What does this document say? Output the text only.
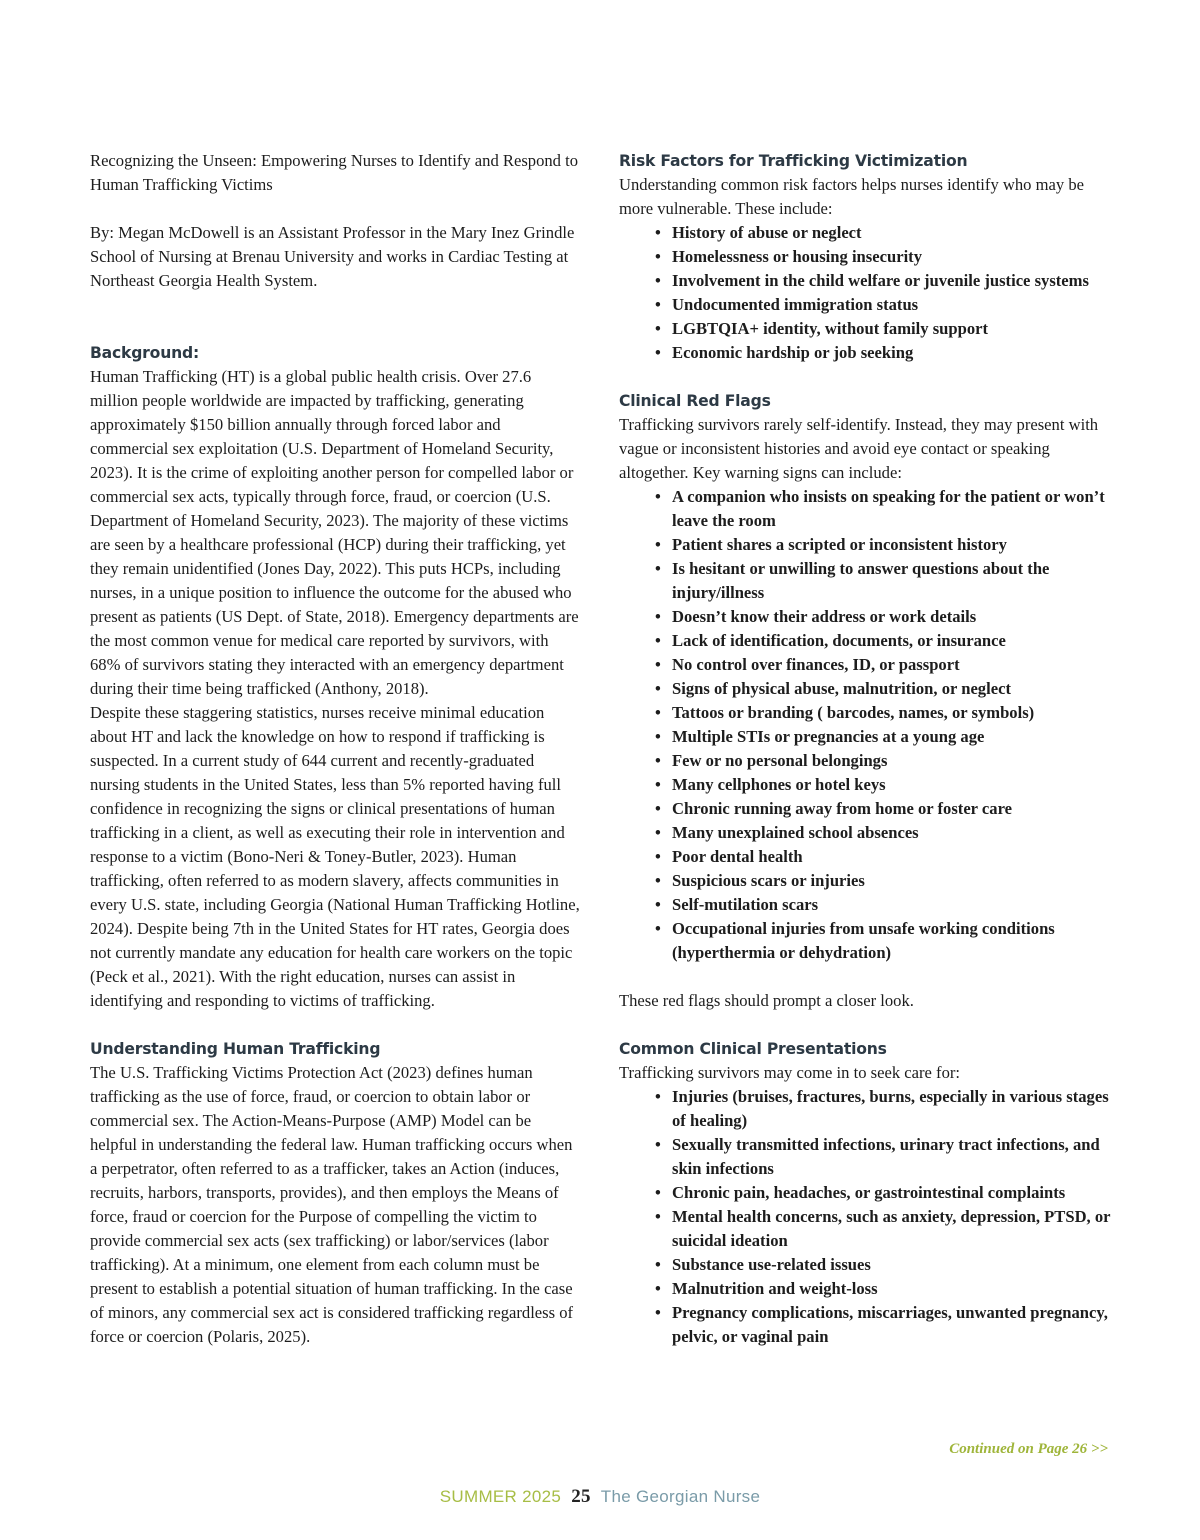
Recognizing the Unseen: Empowering Nurses to Identify and Respond to Human Trafficking Victims

By: Megan McDowell is an Assistant Professor in the Mary Inez Grindle School of Nursing at Brenau University and works in Cardiac Testing at Northeast Georgia Health System.

Background:

Human Trafficking (HT) is a global public health crisis. Over 27.6 million people worldwide are impacted by trafficking, generating approximately $150 billion annually through forced labor and commercial sex exploitation (U.S. Department of Homeland Security, 2023). It is the crime of exploiting another person for compelled labor or commercial sex acts, typically through force, fraud, or coercion (U.S. Department of Homeland Security, 2023). The majority of these victims are seen by a healthcare professional (HCP) during their trafficking, yet they remain unidentified (Jones Day, 2022). This puts HCPs, including nurses, in a unique position to influence the outcome for the abused who present as patients (US Dept. of State, 2018). Emergency departments are the most common venue for medical care reported by survivors, with 68% of survivors stating they interacted with an emergency department during their time being trafficked (Anthony, 2018).

Despite these staggering statistics, nurses receive minimal education about HT and lack the knowledge on how to respond if trafficking is suspected. In a current study of 644 current and recently-graduated nursing students in the United States, less than 5% reported having full confidence in recognizing the signs or clinical presentations of human trafficking in a client, as well as executing their role in intervention and response to a victim (Bono-Neri & Toney-Butler, 2023). Human trafficking, often referred to as modern slavery, affects communities in every U.S. state, including Georgia (National Human Trafficking Hotline, 2024). Despite being 7th in the United States for HT rates, Georgia does not currently mandate any education for health care workers on the topic (Peck et al., 2021). With the right education, nurses can assist in identifying and responding to victims of trafficking.

Understanding Human Trafficking

The U.S. Trafficking Victims Protection Act (2023) defines human trafficking as the use of force, fraud, or coercion to obtain labor or commercial sex. The Action-Means-Purpose (AMP) Model can be helpful in understanding the federal law. Human trafficking occurs when a perpetrator, often referred to as a trafficker, takes an Action (induces, recruits, harbors, transports, provides), and then employs the Means of force, fraud or coercion for the Purpose of compelling the victim to provide commercial sex acts (sex trafficking) or labor/services (labor trafficking). At a minimum, one element from each column must be present to establish a potential situation of human trafficking. In the case of minors, any commercial sex act is considered trafficking regardless of force or coercion (Polaris, 2025).

Risk Factors for Trafficking Victimization

Understanding common risk factors helps nurses identify who may be more vulnerable. These include:

• History of abuse or neglect
• Homelessness or housing insecurity
• Involvement in the child welfare or juvenile justice systems
• Undocumented immigration status
• LGBTQIA+ identity, without family support
• Economic hardship or job seeking
Clinical Red Flags

Trafficking survivors rarely self-identify. Instead, they may present with vague or inconsistent histories and avoid eye contact or speaking altogether. Key warning signs can include:

• A companion who insists on speaking for the patient or won’t leave the room
• Patient shares a scripted or inconsistent history
• Is hesitant or unwilling to answer questions about the injury/illness
• Doesn’t know their address or work details
• Lack of identification, documents, or insurance
• No control over finances, ID, or passport
• Signs of physical abuse, malnutrition, or neglect
• Tattoos or branding ( barcodes, names, or symbols)
• Multiple STIs or pregnancies at a young age
• Few or no personal belongings
• Many cellphones or hotel keys
• Chronic running away from home or foster care
• Many unexplained school absences
• Poor dental health
• Suspicious scars or injuries
• Self-mutilation scars
• Occupational injuries from unsafe working conditions (hyperthermia or dehydration)

These red flags should prompt a closer look.

Common Clinical Presentations

Trafficking survivors may come in to seek care for:

• Injuries (bruises, fractures, burns, especially in various stages of healing)
• Sexually transmitted infections, urinary tract infections, and skin infections
• Chronic pain, headaches, or gastrointestinal complaints
• Mental health concerns, such as anxiety, depression, PTSD, or suicidal ideation
• Substance use-related issues
• Malnutrition and weight-loss
• Pregnancy complications, miscarriages, unwanted pregnancy, pelvic, or vaginal pain
Continued on Page 26 >>
SUMMER 2025 25 The Georgian Nurse
